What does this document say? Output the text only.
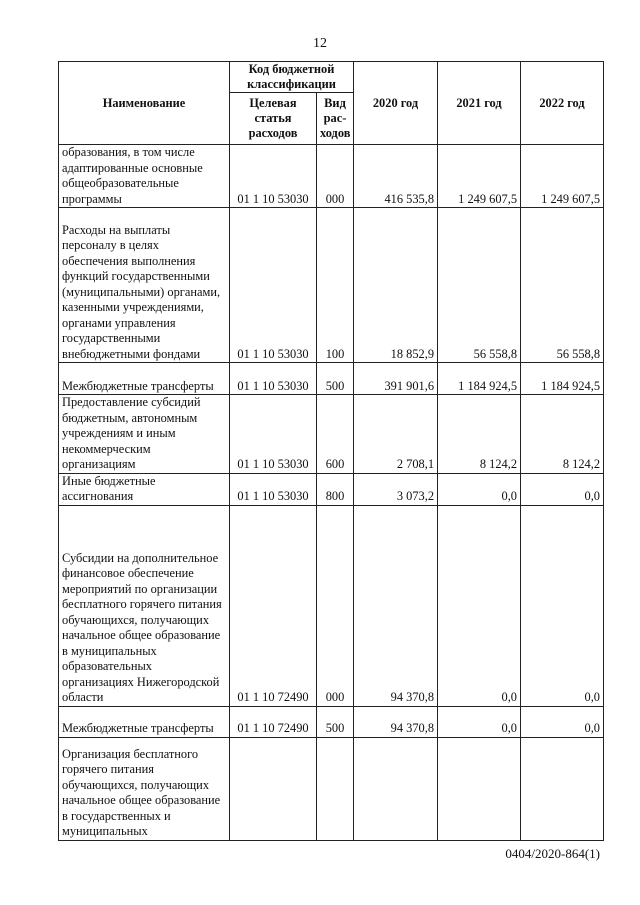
12
Наименование	Код бюджетной классификации		2020 год	2021 год	2022 год
	Целевая статья расходов	Вид рас-ходов			
образования, в том числе адаптированные основные общеобразовательные программы	01 1 10 53030	000	416 535,8	1 249 607,5	1 249 607,5
Расходы на выплаты персоналу в целях обеспечения выполнения функций государственными (муниципальными) органами, казенными учреждениями, органами управления государственными внебюджетными фондами	01 1 10 53030	100	18 852,9	56 558,8	56 558,8
Межбюджетные трансферты	01 1 10 53030	500	391 901,6	1 184 924,5	1 184 924,5
Предоставление субсидий бюджетным, автономным учреждениям и иным некоммерческим организациям	01 1 10 53030	600	2 708,1	8 124,2	8 124,2
Иные бюджетные ассигнования	01 1 10 53030	800	3 073,2	0,0	0,0
Субсидии на дополнительное финансовое обеспечение мероприятий по организации бесплатного горячего питания обучающихся, получающих начальное общее образование в муниципальных образовательных организациях Нижегородской области	01 1 10 72490	000	94 370,8	0,0	0,0
Межбюджетные трансферты	01 1 10 72490	500	94 370,8	0,0	0,0
Организация бесплатного горячего питания обучающихся, получающих начальное общее образование в государственных и муниципальных					
0404/2020-864(1)
